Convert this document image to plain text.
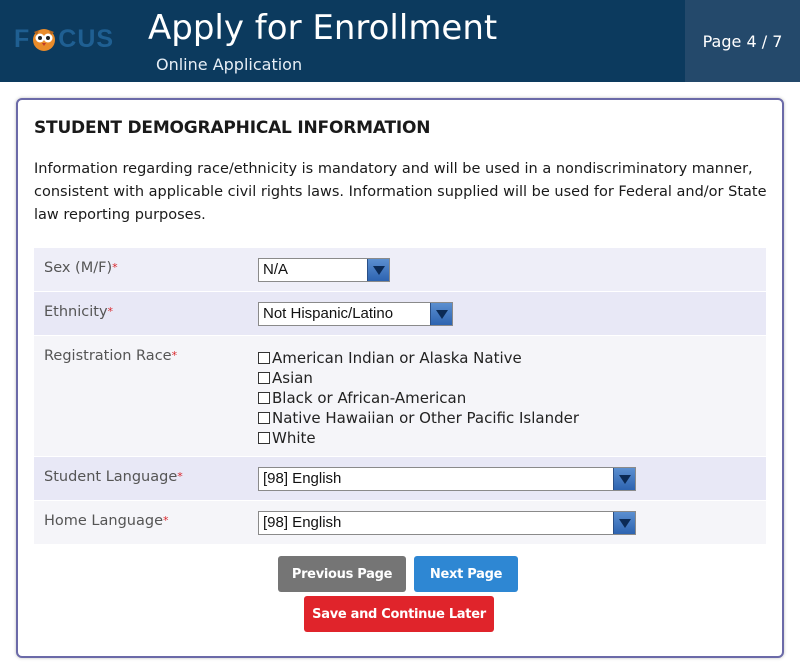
F CUS Apply for Enrollment
Online Application
Page 4 / 7
STUDENT DEMOGRAPHICAL INFORMATION
Information regarding race/ethnicity is mandatory and will be used in a nondiscriminatory manner, consistent with applicable civil rights laws. Information supplied will be used for Federal and/or State law reporting purposes.
Sex (M/F)*	N/A
Ethnicity*	Not Hispanic/Latino
Registration Race*	American Indian or Alaska Native
Asian
Black or African-American
Native Hawaiian or Other Pacific Islander
White
Student Language*	[98] English
Home Language*	[98] English
Previous Page	Next Page
Save and Continue Later
